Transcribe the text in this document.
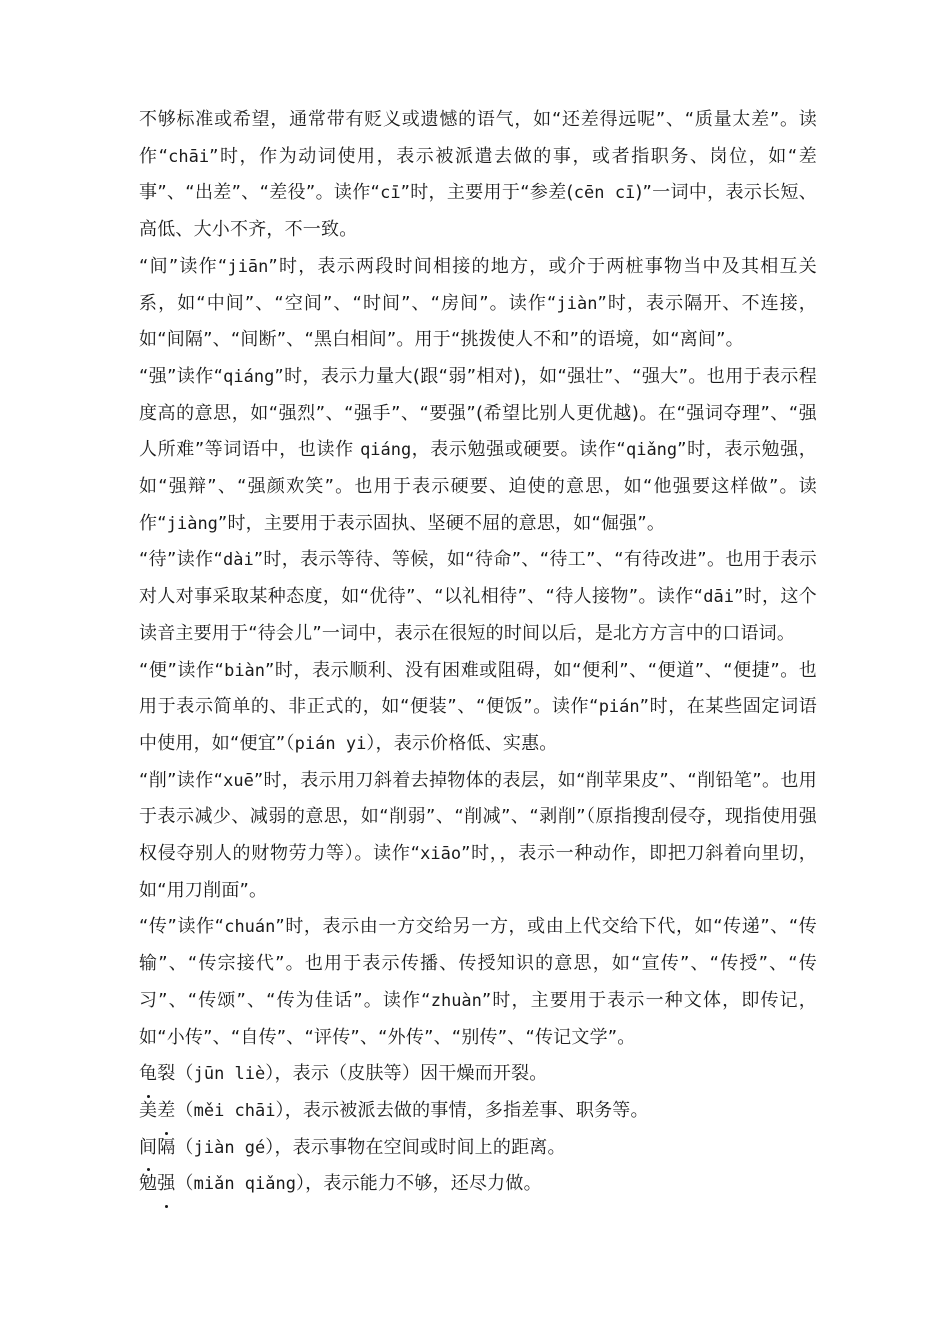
不够标准或希望，通常带有贬义或遗憾的语气，如“还差得远呢”、“质量太差”。读作“chāi”时，作为动词使用，表示被派遣去做的事，或者指职务、岗位，如“差事”、“出差”、“差役”。读作“cī”时，主要用于“参差(cēn cī)”一词中，表示长短、高低、大小不齐，不一致。

“间”读作“jiān”时，表示两段时间相接的地方，或介于两桩事物当中及其相互关系，如“中间”、“空间”、“时间”、“房间”。读作“jiàn”时，表示隔开、不连接，如“间隔”、“间断”、“黑白相间”。用于“挑拨使人不和”的语境，如“离间”。

“强”读作“qiáng”时，表示力量大(跟“弱”相对)，如“强壮”、“强大”。也用于表示程度高的意思，如“强烈”、“强手”、“要强”(希望比别人更优越)。在“强词夺理”、“强人所难”等词语中，也读作 qiáng，表示勉强或硬要。读作“qiǎng”时，表示勉强，如“强辩”、“强颜欢笑”。也用于表示硬要、迫使的意思，如“他强要这样做”。读作“jiàng”时，主要用于表示固执、坚硬不屈的意思，如“倔强”。

“待”读作“dài”时，表示等待、等候，如“待命”、“待工”、“有待改进”。也用于表示对人对事采取某种态度，如“优待”、“以礼相待”、“待人接物”。读作“dāi”时，这个读音主要用于“待会儿”一词中，表示在很短的时间以后，是北方方言中的口语词。

“便”读作“biàn”时，表示顺利、没有困难或阻碍，如“便利”、“便道”、“便捷”。也用于表示简单的、非正式的，如“便装”、“便饭”。读作“pián”时，在某些固定词语中使用，如“便宜”（pián yi），表示价格低、实惠。

“削”读作“xuē”时，表示用刀斜着去掉物体的表层，如“削苹果皮”、“削铅笔”。也用于表示减少、减弱的意思，如“削弱”、“削减”、“剥削”（原指搜刮侵夺，现指使用强权侵夺别人的财物劳力等）。读作“xiāo”时，，表示一种动作，即把刀斜着向里切，如“用刀削面”。

“传”读作“chuán”时，表示由一方交给另一方，或由上代交给下代，如“传递”、“传输”、“传宗接代”。也用于表示传播、传授知识的意思，如“宣传”、“传授”、“传习”、“传颂”、“传为佳话”。读作“zhuàn”时，主要用于表示一种文体，即传记，如“小传”、“自传”、“评传”、“外传”、“别传”、“传记文学”。

龟裂（jūn liè），表示（皮肤等）因干燥而开裂。

美差（měi chāi），表示被派去做的事情，多指差事、职务等。

间隔（jiàn gé），表示事物在空间或时间上的距离。

勉强（miǎn qiǎng），表示能力不够，还尽力做。
